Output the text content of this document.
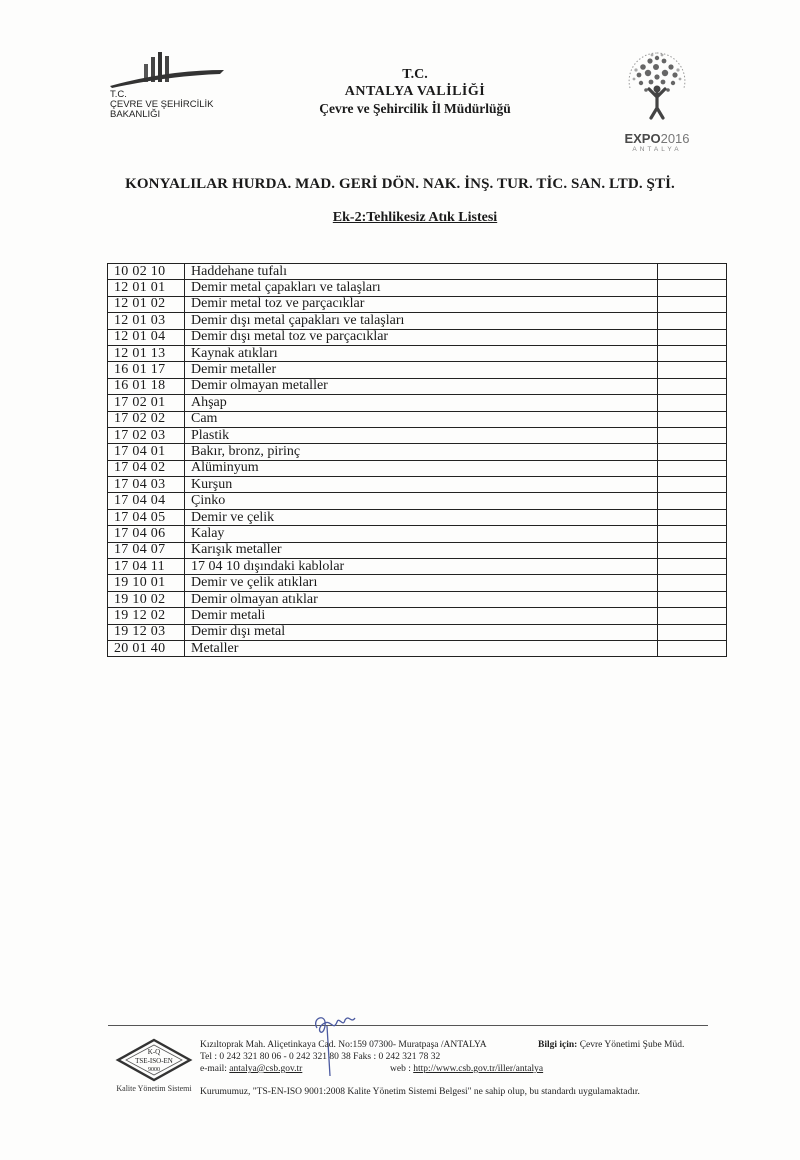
T.C.
ÇEVRE VE ŞEHİRCİLİK
BAKANLIĞI
T.C.
ANTALYA VALİLİĞİ
Çevre ve Şehircilik İl Müdürlüğü
EXPO2016
ANTALYA
KONYALILAR HURDA. MAD. GERİ DÖN. NAK. İNŞ. TUR. TİC. SAN. LTD. ŞTİ.
Ek-2:Tehlikesiz Atık Listesi
10 02 10	Haddehane tufalı	
12 01 01	Demir metal çapakları ve talaşları	
12 01 02	Demir metal toz ve parçacıklar	
12 01 03	Demir dışı metal çapakları ve talaşları	
12 01 04	Demir dışı metal toz ve parçacıklar	
12 01 13	Kaynak atıkları	
16 01 17	Demir metaller	
16 01 18	Demir olmayan metaller	
17 02 01	Ahşap	
17 02 02	Cam	
17 02 03	Plastik	
17 04 01	Bakır, bronz, pirinç	
17 04 02	Alüminyum	
17 04 03	Kurşun	
17 04 04	Çinko	
17 04 05	Demir ve çelik	
17 04 06	Kalay	
17 04 07	Karışık metaller	
17 04 11	17 04 10 dışındaki kablolar	
19 10 01	Demir ve çelik atıkları	
19 10 02	Demir olmayan atıklar	
19 12 02	Demir metali	
19 12 03	Demir dışı metal	
20 01 40	Metaller	
K-Q
TSE-ISO-EN
9000
Kalite Yönetim Sistemi
Kızıltoprak Mah. Aliçetinkaya Cad. No:159 07300- Muratpaşa /ANTALYA	Bilgi için: Çevre Yönetimi Şube Müd.
Tel : 0 242 321 80 06 - 0 242 321 80 38 Faks : 0 242 321 78 32
e-mail: antalya@csb.gov.tr	web : http://www.csb.gov.tr/iller/antalya
Kurumumuz, "TS-EN-ISO 9001:2008 Kalite Yönetim Sistemi Belgesi" ne sahip olup, bu standardı uygulamaktadır.
